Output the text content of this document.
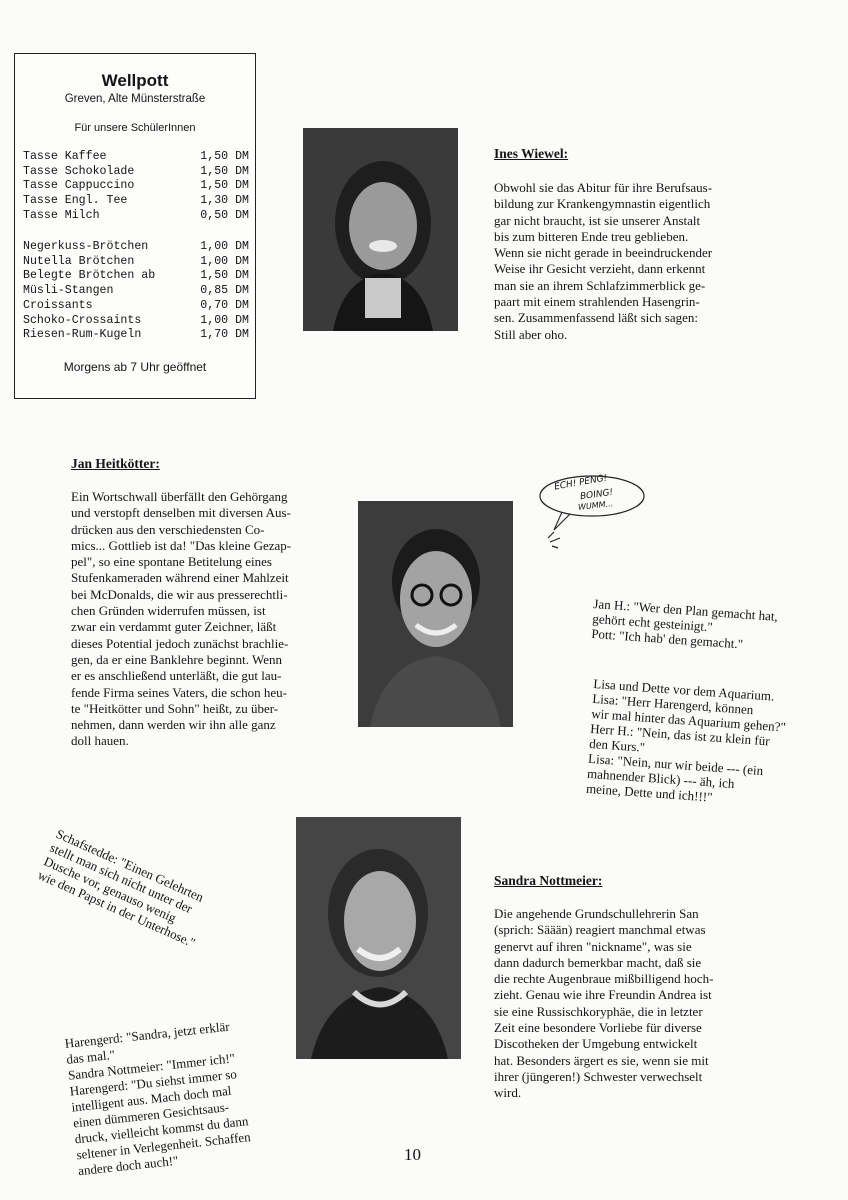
Wellpott
Greven, Alte Münsterstraße
Für unsere SchülerInnen
Tasse Kaffee	1,50 DM
Tasse Schokolade	1,50 DM
Tasse Cappuccino	1,50 DM
Tasse Engl. Tee	1,30 DM
Tasse Milch	0,50 DM
Negerkuss-Brötchen	1,00 DM
Nutella Brötchen	1,00 DM
Belegte Brötchen ab	1,50 DM
Müsli-Stangen	0,85 DM
Croissants	0,70 DM
Schoko-Crossaints	1,00 DM
Riesen-Rum-Kugeln	1,70 DM
Morgens ab 7 Uhr geöffnet
Ines Wiewel:
Obwohl sie das Abitur für ihre Berufsaus-
bildung zur Krankengymnastin eigentlich
gar nicht braucht, ist sie unserer Anstalt
bis zum bitteren Ende treu geblieben.
Wenn sie nicht gerade in beeindruckender
Weise ihr Gesicht verzieht, dann erkennt
man sie an ihrem Schlafzimmerblick ge-
paart mit einem strahlenden Hasengrin-
sen. Zusammenfassend läßt sich sagen:
Still aber oho.
Jan Heitkötter:
Ein Wortschwall überfällt den Gehörgang
und verstopft denselben mit diversen Aus-
drücken aus den verschiedensten Co-
mics... Gottlieb ist da! "Das kleine Gezap-
pel", so eine spontane Betitelung eines
Stufenkameraden während einer Mahlzeit
bei McDonalds, die wir aus presserechtli-
chen Gründen widerrufen müssen, ist
zwar ein verdammt guter Zeichner, läßt
dieses Potential jedoch zunächst brachlie-
gen, da er eine Banklehre beginnt. Wenn
er es anschließend unterläßt, die gut lau-
fende Firma seines Vaters, die schon heu-
te "Heitkötter und Sohn" heißt, zu über-
nehmen, dann werden wir ihn alle ganz
doll hauen.
ECH! PENG!
BOING!
WUMM...
Jan H.: "Wer den Plan gemacht hat,
gehört echt gesteinigt."
Pott: "Ich hab' den gemacht."
Lisa und Dette vor dem Aquarium.
Lisa: "Herr Harengerd, können
wir mal hinter das Aquarium gehen?"
Herr H.: "Nein, das ist zu klein für
den Kurs."
Lisa: "Nein, nur wir beide --- (ein
mahnender Blick) --- äh, ich
meine, Dette und ich!!!"
Schafstedde: "Einen Gelehrten
stellt man sich nicht unter der
Dusche vor, genauso wenig
wie den Papst in der Unterhose."	Sandra Nottmeier:
Die angehende Grundschullehrerin San
(sprich: Säään) reagiert manchmal etwas
genervt auf ihren "nickname", was sie
dann dadurch bemerkbar macht, daß sie
die rechte Augenbraue mißbilligend hoch-
zieht. Genau wie ihre Freundin Andrea ist
sie eine Russischkoryphäe, die in letzter
Zeit eine besondere Vorliebe für diverse
Discotheken der Umgebung entwickelt
hat. Besonders ärgert es sie, wenn sie mit
ihrer (jüngeren!) Schwester verwechselt
wird.
Harengerd: "Sandra, jetzt erklär
das mal."
Sandra Nottmeier: "Immer ich!"
Harengerd: "Du siehst immer so
intelligent aus. Mach doch mal
einen dümmeren Gesichtsaus-
druck, vielleicht kommst du dann
seltener in Verlegenheit. Schaffen
andere doch auch!"	10
